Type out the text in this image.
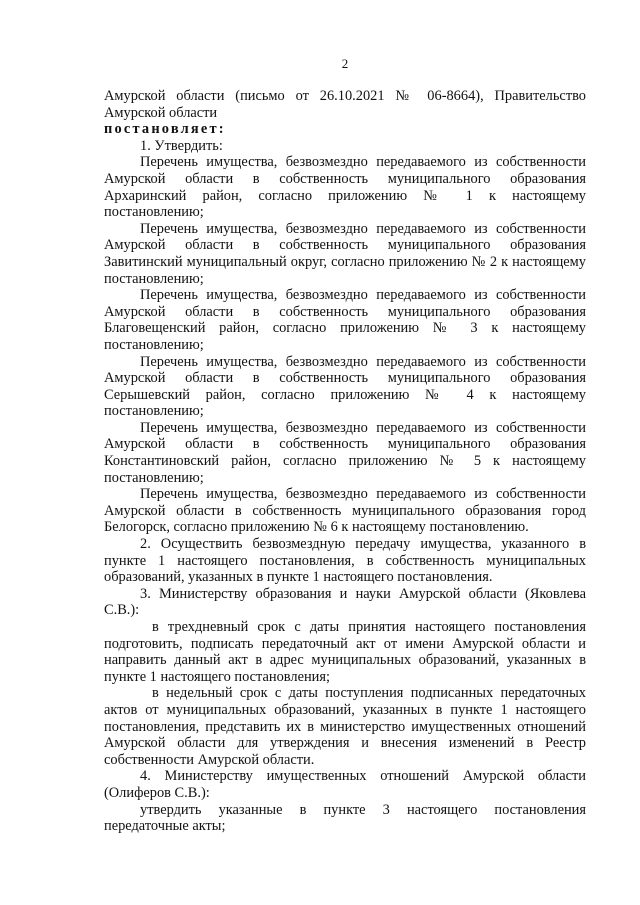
2

Амурской области (письмо от 26.10.2021 № 06-8664), Правительство Амурской области

постановляет:

1. Утвердить:

Перечень имущества, безвозмездно передаваемого из собственности Амурской области в собственность муниципального образования Архаринский район, согласно приложению № 1 к настоящему постановлению;

Перечень имущества, безвозмездно передаваемого из собственности Амурской области в собственность муниципального образования Завитинский муниципальный округ, согласно приложению № 2 к настоящему постановлению;

Перечень имущества, безвозмездно передаваемого из собственности Амурской области в собственность муниципального образования Благовещенский район, согласно приложению № 3 к настоящему постановлению;

Перечень имущества, безвозмездно передаваемого из собственности Амурской области в собственность муниципального образования Серышевский район, согласно приложению № 4 к настоящему постановлению;

Перечень имущества, безвозмездно передаваемого из собственности Амурской области в собственность муниципального образования Константиновский район, согласно приложению № 5 к настоящему постановлению;

Перечень имущества, безвозмездно передаваемого из собственности Амурской области в собственность муниципального образования город Белогорск, согласно приложению № 6 к настоящему постановлению.

2. Осуществить безвозмездную передачу имущества, указанного в пункте 1 настоящего постановления, в собственность муниципальных образований, указанных в пункте 1 настоящего постановления.

3. Министерству образования и науки Амурской области (Яковлева С.В.):

в трехдневный срок с даты принятия настоящего постановления подготовить, подписать передаточный акт от имени Амурской области и направить данный акт в адрес муниципальных образований, указанных в пункте 1 настоящего постановления;

в недельный срок с даты поступления подписанных передаточных актов от муниципальных образований, указанных в пункте 1 настоящего постановления, представить их в министерство имущественных отношений Амурской области для утверждения и внесения изменений в Реестр собственности Амурской области.

4. Министерству имущественных отношений Амурской области (Олиферов С.В.):

утвердить указанные в пункте 3 настоящего постановления передаточные акты;
